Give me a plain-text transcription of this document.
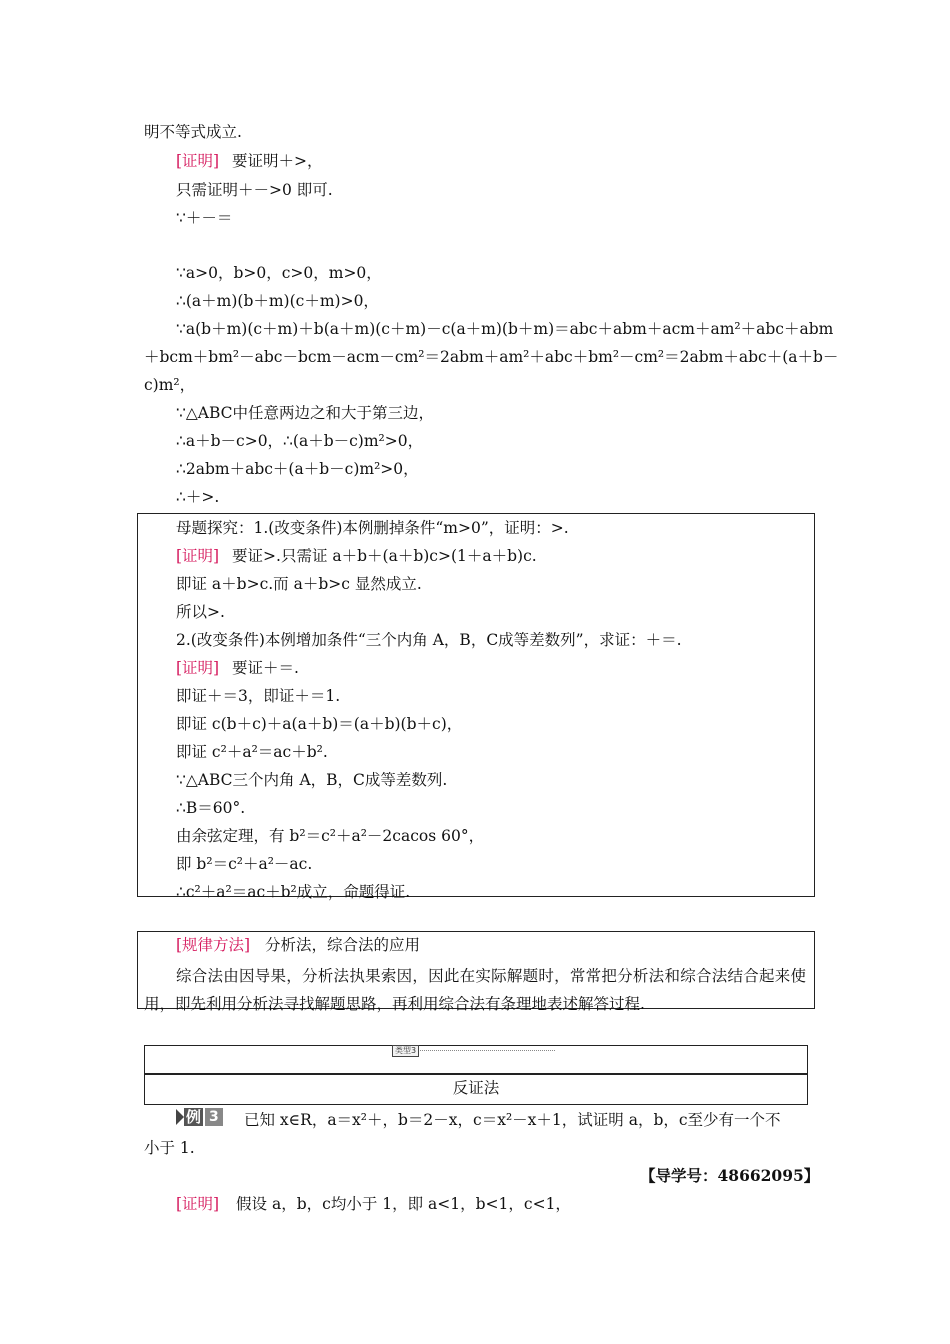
明不等式成立.
[证明] 要证明＋>，
只需证明＋－>0 即可.
∵＋－＝
∵a>0，b>0，c>0，m>0，
∴(a＋m)(b＋m)(c＋m)>0，
∵a(b＋m)(c＋m)＋b(a＋m)(c＋m)－c(a＋m)(b＋m)＝abc＋abm＋acm＋am²＋abc＋abm
＋bcm＋bm²－abc－bcm－acm－cm²＝2abm＋am²＋abc＋bm²－cm²＝2abm＋abc＋(a＋b－
c)m²，
∵△ABC中任意两边之和大于第三边，
∴a＋b－c>0，∴(a＋b－c)m²>0，
∴2abm＋abc＋(a＋b－c)m²>0，
∴＋>.
母题探究：1.(改变条件)本例删掉条件“m>0”，证明：>.
[证明] 要证>.只需证 a＋b＋(a＋b)c>(1＋a＋b)c.
即证 a＋b>c.而 a＋b>c 显然成立.
所以>.
2.(改变条件)本例增加条件“三个内角 A，B，C成等差数列”，求证：＋＝.
[证明] 要证＋＝.
即证＋＝3，即证＋＝1.
即证 c(b＋c)＋a(a＋b)＝(a＋b)(b＋c)，
即证 c²＋a²＝ac＋b².
∵△ABC三个内角 A，B，C成等差数列.
∴B＝60°.
由余弦定理，有 b²＝c²＋a²－2cacos 60°，
即 b²＝c²＋a²－ac.
∴c²＋a²＝ac＋b²成立，命题得证.
[规律方法] 分析法，综合法的应用
综合法由因导果，分析法执果索因，因此在实际解题时，常常把分析法和综合法结合起来使用，即先利用分析法寻找解题思路，再利用综合法有条理地表述解答过程.
类型3
反证法
例 3 已知 x∈R，a＝x²＋，b＝2－x，c＝x²－x＋1，试证明 a，b，c至少有一个不
小于 1.
【导学号：48662095】
[证明] 假设 a，b，c均小于 1，即 a<1，b<1，c<1，
